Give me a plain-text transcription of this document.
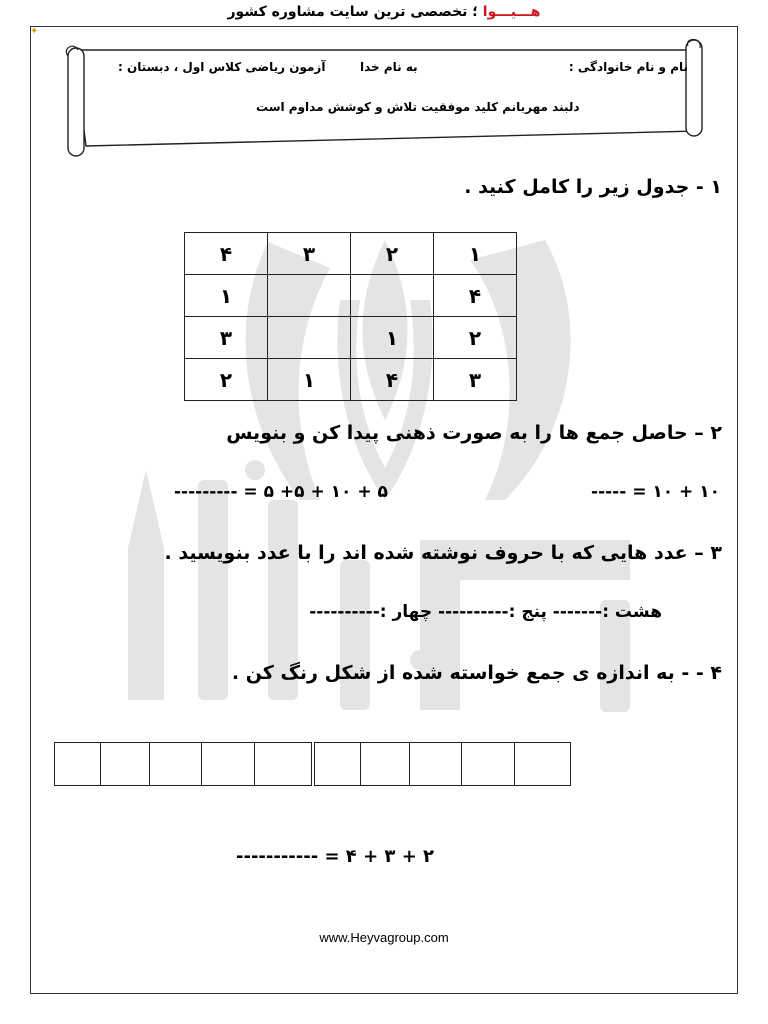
هـــیـــوا ؛ تخصصی ترین سایت مشاوره کشور
✦
نام و نام خانوادگی :
به نام خدا
آزمون ریاضی کلاس اول ، دبستان :
دلبند مهربانم کلید موفقیت تلاش و کوشش مداوم است
۱ - جدول زیر را کامل کنید .
۴	۳	۲	۱
۱			۴
۳		۱	۲
۲	۱	۴	۳
۲ – حاصل جمع ها را به صورت ذهنی پیدا کن و بنویس
۵ + ۱۰ + ۵+ ۵ = ---------	۱۰ + ۱۰ = -----
۳ – عدد هایی که با حروف نوشته شده اند را با عدد بنویسید .
هشت :------- پنج :---------- چهار :----------
۴ - - به اندازه ی جمع خواسته شده از شکل رنگ کن .
۲ + ۳ + ۴ = -----------
www.Heyvagroup.com
